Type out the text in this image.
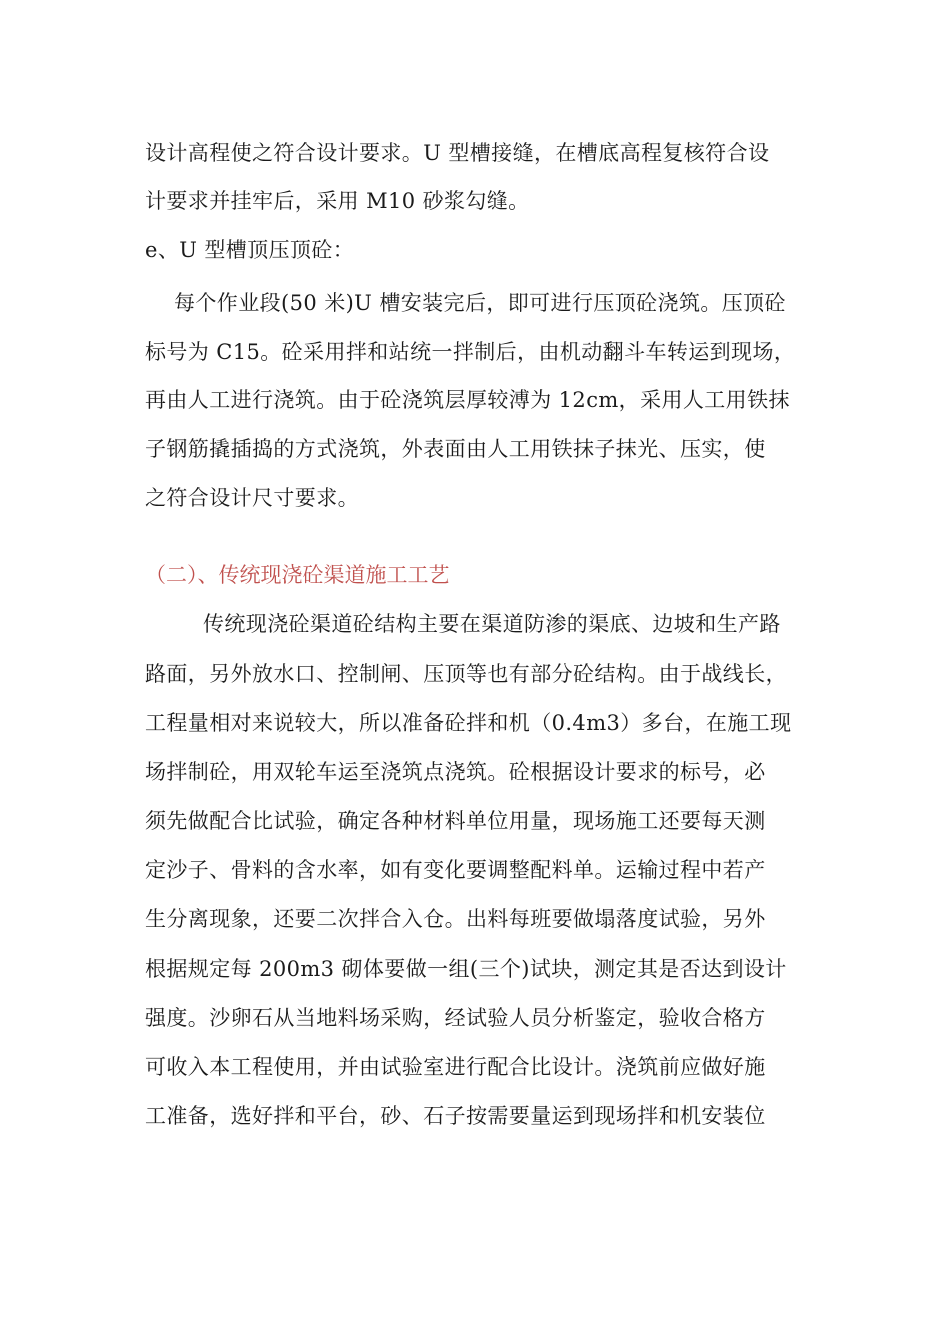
设计高程使之符合设计要求。U 型槽接缝，在槽底高程复核符合设
计要求并挂牢后，采用 M10 砂浆勾缝。
e、U 型槽顶压顶砼：
每个作业段(50 米)U 槽安装完后，即可进行压顶砼浇筑。压顶砼
标号为 C15。砼采用拌和站统一拌制后，由机动翻斗车转运到现场，
再由人工进行浇筑。由于砼浇筑层厚较溥为 12cm，采用人工用铁抹
子钢筋撬插捣的方式浇筑，外表面由人工用铁抹子抹光、压实，使
之符合设计尺寸要求。
（二）、传统现浇砼渠道施工工艺
传统现浇砼渠道砼结构主要在渠道防渗的渠底、边坡和生产路
路面，另外放水口、控制闸、压顶等也有部分砼结构。由于战线长，
工程量相对来说较大，所以准备砼拌和机（0.4m3）多台，在施工现
场拌制砼，用双轮车运至浇筑点浇筑。砼根据设计要求的标号，必
须先做配合比试验，确定各种材料单位用量，现场施工还要每天测
定沙子、骨料的含水率，如有变化要调整配料单。运输过程中若产
生分离现象，还要二次拌合入仓。出料每班要做塌落度试验，另外
根据规定每 200m3 砌体要做一组(三个)试块，测定其是否达到设计
强度。沙卵石从当地料场采购，经试验人员分析鉴定，验收合格方
可收入本工程使用，并由试验室进行配合比设计。浇筑前应做好施
工准备，选好拌和平台，砂、石子按需要量运到现场拌和机安装位
